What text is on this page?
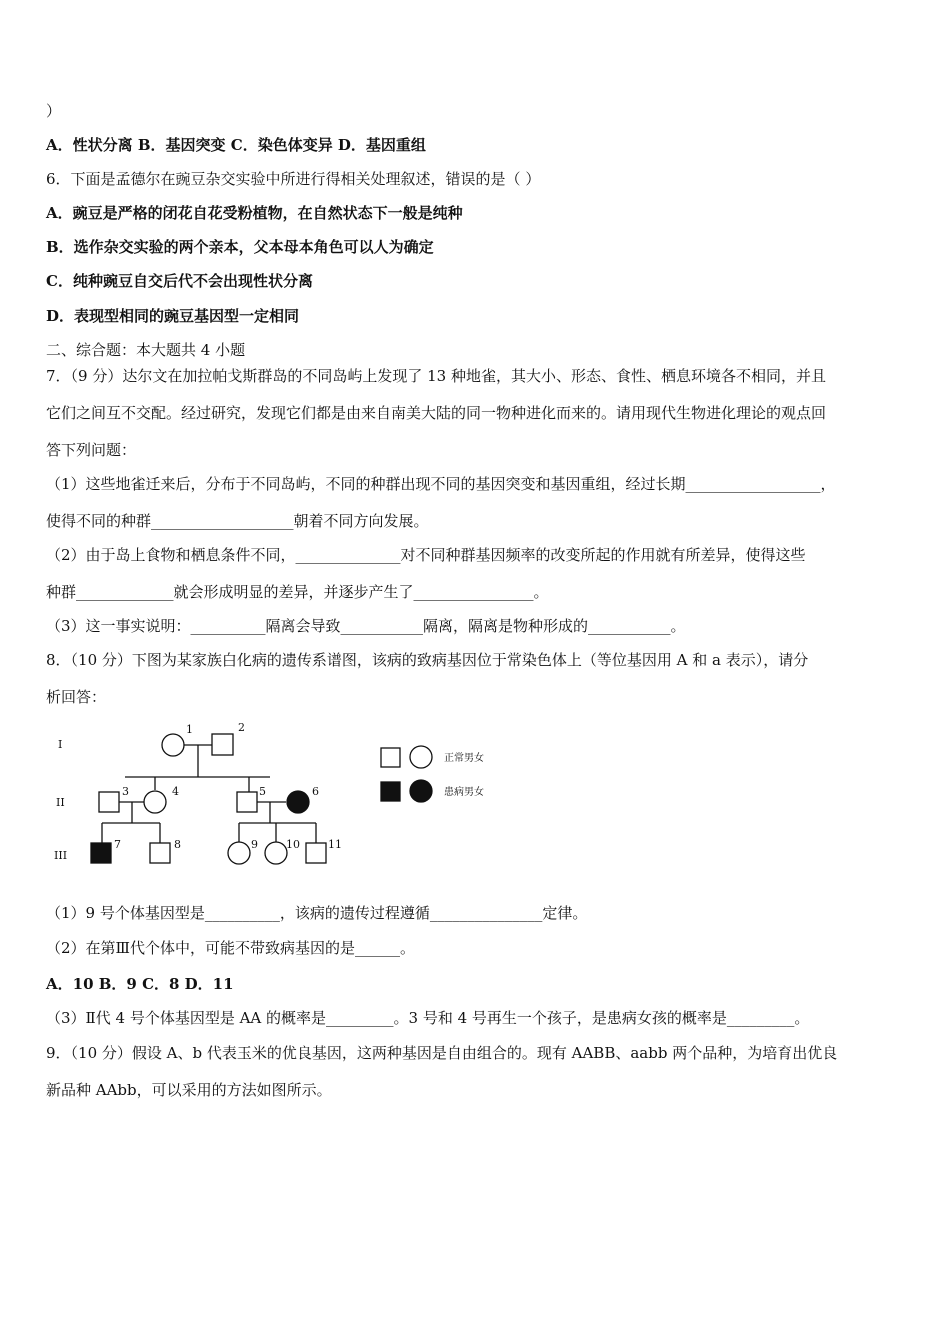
）
A．性状分离 B．基因突变 C．染色体变异 D．基因重组
6．下面是孟德尔在豌豆杂交实验中所进行得相关处理叙述，错误的是（ ）
A．豌豆是严格的闭花自花受粉植物，在自然状态下一般是纯种
B．选作杂交实验的两个亲本，父本母本角色可以人为确定
C．纯种豌豆自交后代不会出现性状分离
D．表现型相同的豌豆基因型一定相同
二、综合题：本大题共 4 小题
7．（9 分）达尔文在加拉帕戈斯群岛的不同岛屿上发现了 13 种地雀，其大小、形态、食性、栖息环境各不相同，并且
它们之间互不交配。经过研究，发现它们都是由来自南美大陆的同一物种进化而来的。请用现代生物进化理论的观点回
答下列问题：
（1）这些地雀迁来后，分布于不同岛屿，不同的种群出现不同的基因突变和基因重组，经过长期__________________，
使得不同的种群___________________朝着不同方向发展。
（2）由于岛上食物和栖息条件不同，______________对不同种群基因频率的改变所起的作用就有所差异，使得这些
种群_____________就会形成明显的差异，并逐步产生了________________。
（3）这一事实说明：__________隔离会导致___________隔离，隔离是物种形成的___________。
8．（10 分）下图为某家族白化病的遗传系谱图，该病的致病基因位于常染色体上（等位基因用 A 和 a 表示），请分
析回答：
I
II
III
1	2
3	4	5	6
7	8	9	10	11
正常男女
患病男女
（1）9 号个体基因型是__________，该病的遗传过程遵循_______________定律。
（2）在第Ⅲ代个体中，可能不带致病基因的是______。
A．10 B．9 C．8 D．11
（3）Ⅱ代 4 号个体基因型是 AA 的概率是_________。3 号和 4 号再生一个孩子，是患病女孩的概率是_________。
9．（10 分）假设 A、b 代表玉米的优良基因，这两种基因是自由组合的。现有 AABB、aabb 两个品种，为培育出优良
新品种 AAbb，可以采用的方法如图所示。
